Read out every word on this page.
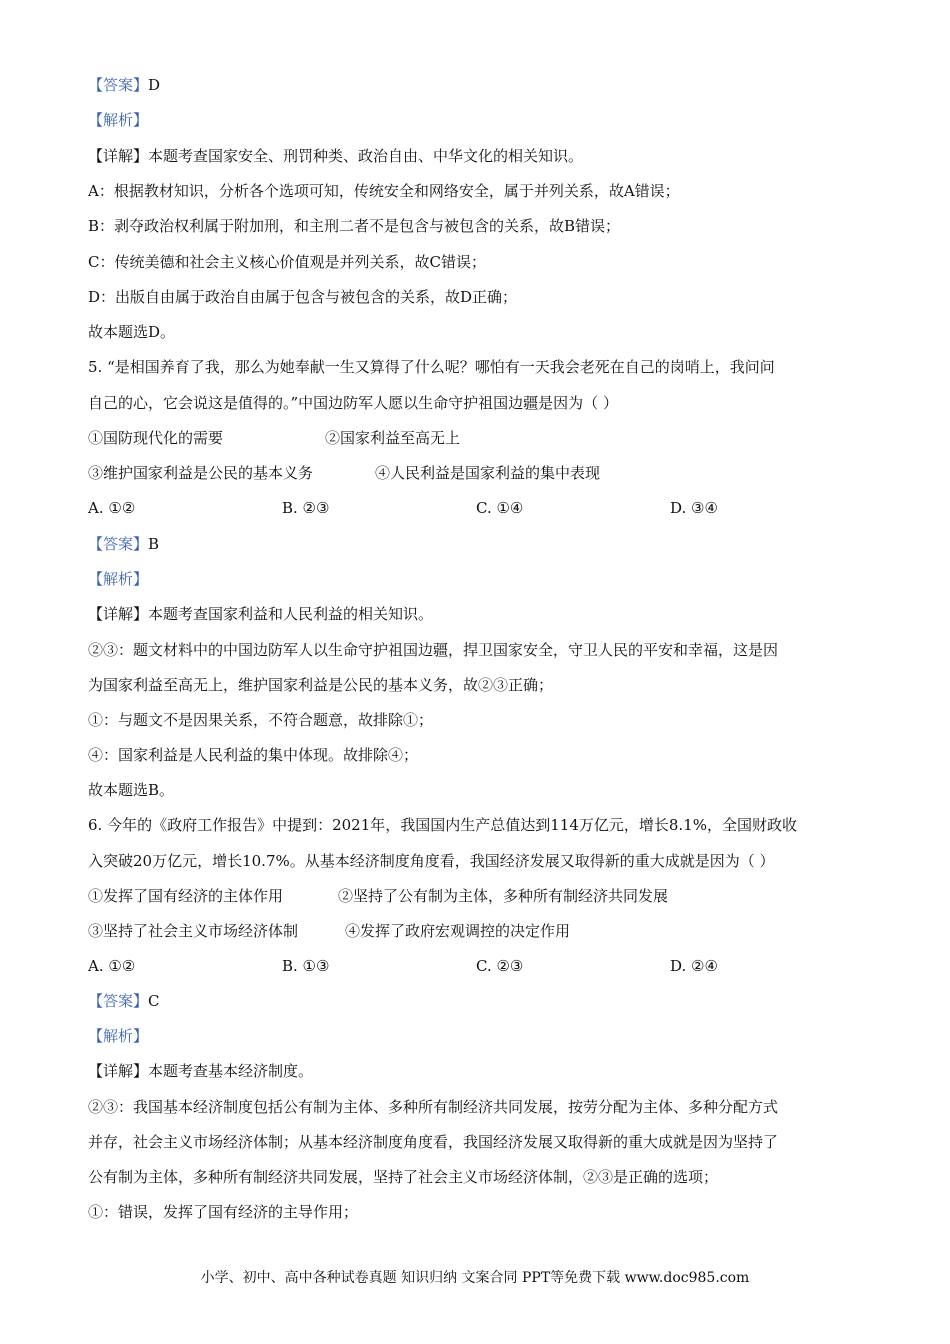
【答案】D
【解析】
【详解】本题考查国家安全、刑罚种类、政治自由、中华文化的相关知识。
A：根据教材知识，分析各个选项可知，传统安全和网络安全，属于并列关系，故A错误；
B：剥夺政治权利属于附加刑，和主刑二者不是包含与被包含的关系，故B错误；
C：传统美德和社会主义核心价值观是并列关系，故C错误；
D：出版自由属于政治自由属于包含与被包含的关系，故D正确；
故本题选D。
5. “是相国养育了我，那么为她奉献一生又算得了什么呢？哪怕有一天我会老死在自己的岗哨上，我问问
自己的心，它会说这是值得的。”中国边防军人愿以生命守护祖国边疆是因为（ ）
①国防现代化的需要	②国家利益至高无上
③维护国家利益是公民的基本义务	④人民利益是国家利益的集中表现
A. ①②	B. ②③	C. ①④	D. ③④
【答案】B
【解析】
【详解】本题考查国家利益和人民利益的相关知识。
②③：题文材料中的中国边防军人以生命守护祖国边疆，捍卫国家安全，守卫人民的平安和幸福，这是因
为国家利益至高无上，维护国家利益是公民的基本义务，故②③正确；
①：与题文不是因果关系，不符合题意，故排除①；
④：国家利益是人民利益的集中体现。故排除④；
故本题选B。
6. 今年的《政府工作报告》中提到：2021年，我国国内生产总值达到114万亿元，增长8.1%，全国财政收
入突破20万亿元，增长10.7%。从基本经济制度角度看，我国经济发展又取得新的重大成就是因为（ ）
①发挥了国有经济的主体作用	②坚持了公有制为主体，多种所有制经济共同发展
③坚持了社会主义市场经济体制	④发挥了政府宏观调控的决定作用
A. ①②	B. ①③	C. ②③	D. ②④
【答案】C
【解析】
【详解】本题考查基本经济制度。
②③：我国基本经济制度包括公有制为主体、多种所有制经济共同发展，按劳分配为主体、多种分配方式
并存，社会主义市场经济体制；从基本经济制度角度看，我国经济发展又取得新的重大成就是因为坚持了
公有制为主体，多种所有制经济共同发展，坚持了社会主义市场经济体制，②③是正确的选项；
①：错误，发挥了国有经济的主导作用；
小学、初中、高中各种试卷真题 知识归纳 文案合同 PPT等免费下载 www.doc985.com
